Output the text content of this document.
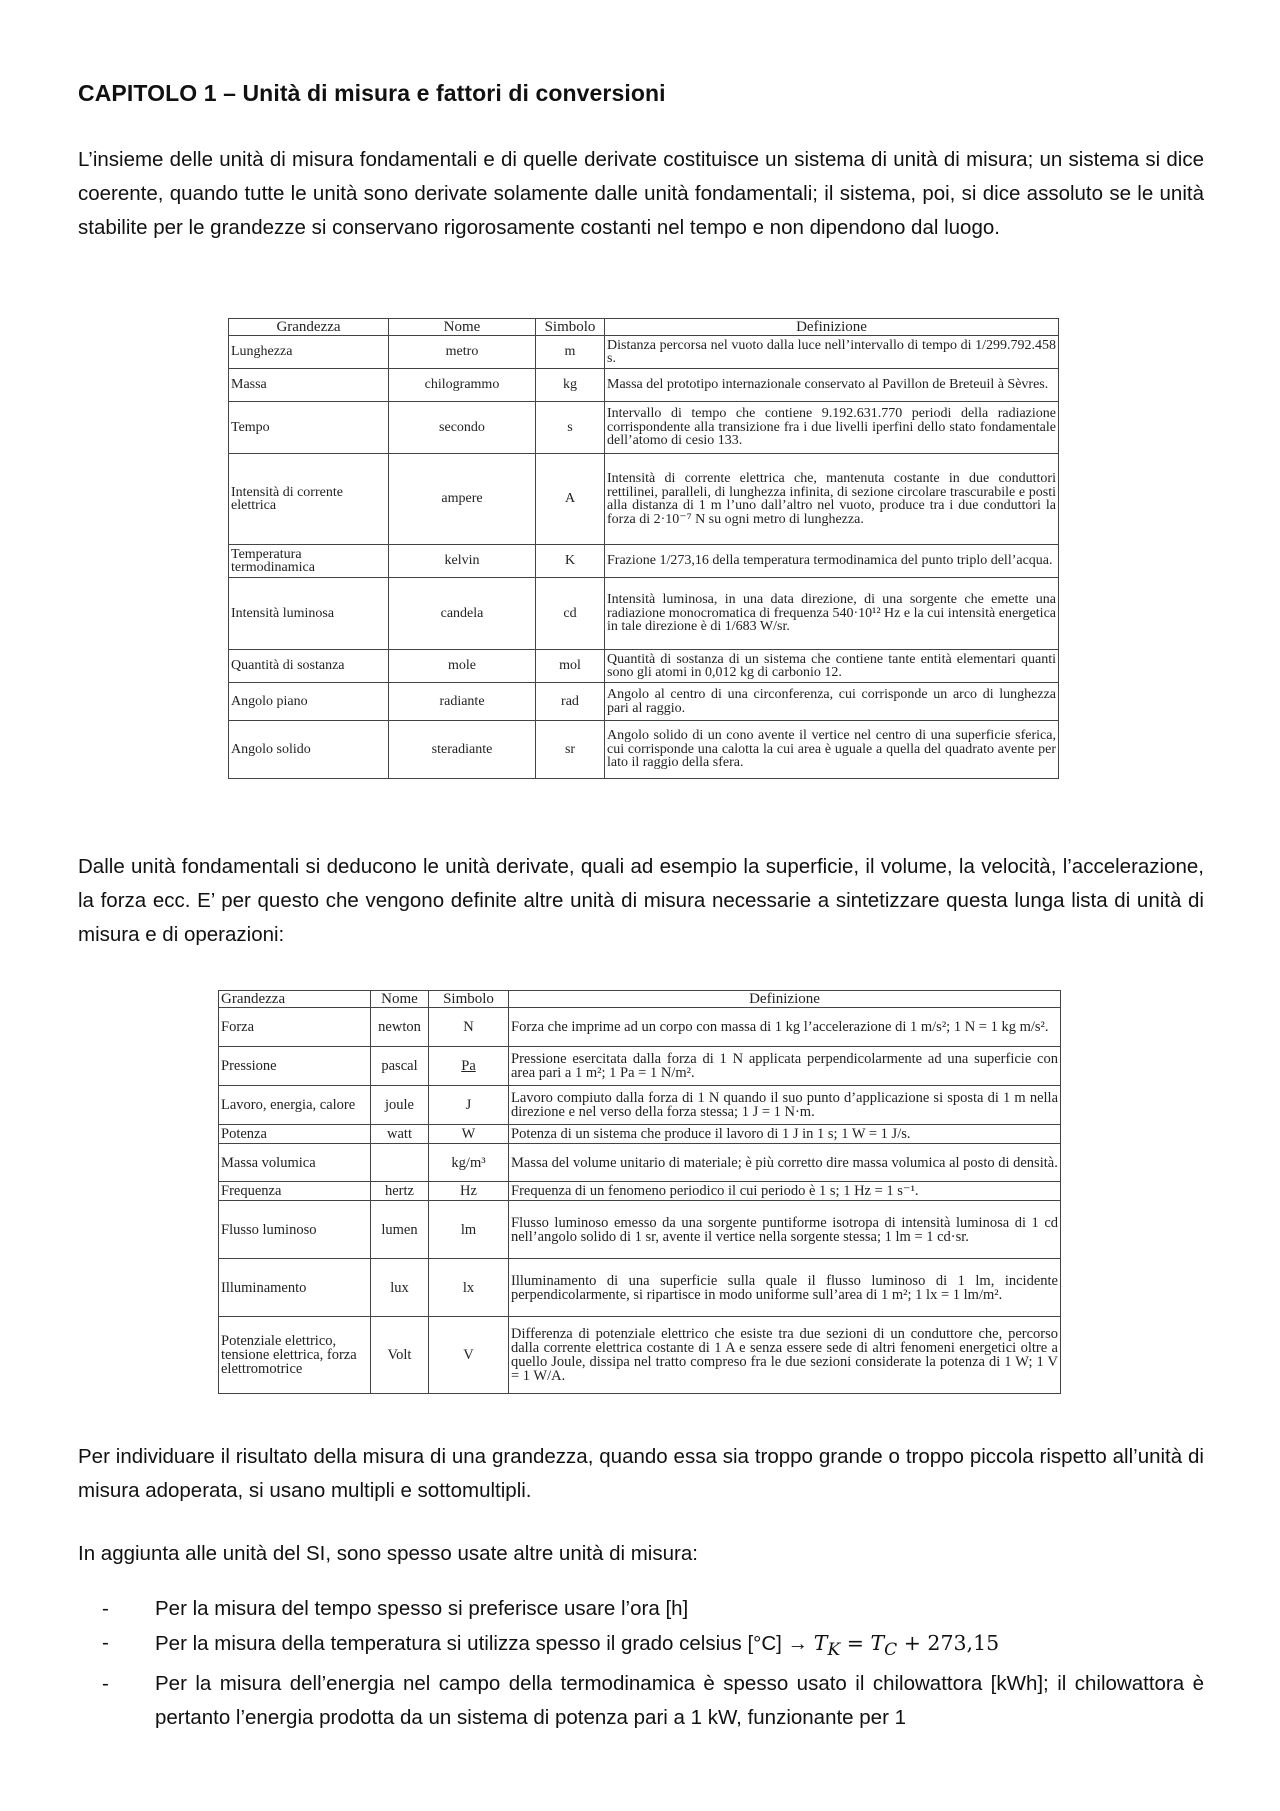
CAPITOLO 1 – Unità di misura e fattori di conversioni

L’insieme delle unità di misura fondamentali e di quelle derivate costituisce un sistema di unità di misura; un sistema si dice coerente, quando tutte le unità sono derivate solamente dalle unità fondamentali; il sistema, poi, si dice assoluto se le unità stabilite per le grandezze si conservano rigorosamente costanti nel tempo e non dipendono dal luogo.

Grandezza	Nome	Simbolo	Definizione
Lunghezza	metro	m	Distanza percorsa nel vuoto dalla luce nell’intervallo di tempo di 1/299.792.458 s.
Massa	chilogrammo	kg	Massa del prototipo internazionale conservato al Pavillon de Breteuil à Sèvres.
Tempo	secondo	s	Intervallo di tempo che contiene 9.192.631.770 periodi della radiazione corrispondente alla transizione fra i due livelli iperfini dello stato fondamentale dell’atomo di cesio 133.
Intensità di corrente elettrica	ampere	A	Intensità di corrente elettrica che, mantenuta costante in due conduttori rettilinei, paralleli, di lunghezza infinita, di sezione circolare trascurabile e posti alla distanza di 1 m l’uno dall’altro nel vuoto, produce tra i due conduttori la forza di 2·10⁻⁷ N su ogni metro di lunghezza.
Temperatura termodinamica	kelvin	K	Frazione 1/273,16 della temperatura termodinamica del punto triplo dell’acqua.
Intensità luminosa	candela	cd	Intensità luminosa, in una data direzione, di una sorgente che emette una radiazione monocromatica di frequenza 540·10¹² Hz e la cui intensità energetica in tale direzione è di 1/683 W/sr.
Quantità di sostanza	mole	mol	Quantità di sostanza di un sistema che contiene tante entità elementari quanti sono gli atomi in 0,012 kg di carbonio 12.
Angolo piano	radiante	rad	Angolo al centro di una circonferenza, cui corrisponde un arco di lunghezza pari al raggio.
Angolo solido	steradiante	sr	Angolo solido di un cono avente il vertice nel centro di una superficie sferica, cui corrisponde una calotta la cui area è uguale a quella del quadrato avente per lato il raggio della sfera.

Dalle unità fondamentali si deducono le unità derivate, quali ad esempio la superficie, il volume, la velocità, l’accelerazione, la forza ecc. E’ per questo che vengono definite altre unità di misura necessarie a sintetizzare questa lunga lista di unità di misura e di operazioni:

Grandezza	Nome	Simbolo	Definizione
Forza	newton	N	Forza che imprime ad un corpo con massa di 1 kg l’accelerazione di 1 m/s²; 1 N = 1 kg m/s².
Pressione	pascal	Pa	Pressione esercitata dalla forza di 1 N applicata perpendicolarmente ad una superficie con area pari a 1 m²; 1 Pa = 1 N/m².
Lavoro, energia, calore	joule	J	Lavoro compiuto dalla forza di 1 N quando il suo punto d’applicazione si sposta di 1 m nella direzione e nel verso della forza stessa; 1 J = 1 N·m.
Potenza	watt	W	Potenza di un sistema che produce il lavoro di 1 J in 1 s; 1 W = 1 J/s.
Massa volumica		kg/m³	Massa del volume unitario di materiale; è più corretto dire massa volumica al posto di densità.
Frequenza	hertz	Hz	Frequenza di un fenomeno periodico il cui periodo è 1 s; 1 Hz = 1 s⁻¹.
Flusso luminoso	lumen	lm	Flusso luminoso emesso da una sorgente puntiforme isotropa di intensità luminosa di 1 cd nell’angolo solido di 1 sr, avente il vertice nella sorgente stessa; 1 lm = 1 cd·sr.
Illuminamento	lux	lx	Illuminamento di una superficie sulla quale il flusso luminoso di 1 lm, incidente perpendicolarmente, si ripartisce in modo uniforme sull’area di 1 m²; 1 lx = 1 lm/m².
Potenziale elettrico, tensione elettrica, forza elettromotrice	Volt	V	Differenza di potenziale elettrico che esiste tra due sezioni di un conduttore che, percorso dalla corrente elettrica costante di 1 A e senza essere sede di altri fenomeni energetici oltre a quello Joule, dissipa nel tratto compreso fra le due sezioni considerate la potenza di 1 W; 1 V = 1 W/A.

Per individuare il risultato della misura di una grandezza, quando essa sia troppo grande o troppo piccola rispetto all’unità di misura adoperata, si usano multipli e sottomultipli.

In aggiunta alle unità del SI, sono spesso usate altre unità di misura:

- Per la misura del tempo spesso si preferisce usare l’ora [h]
- Per la misura della temperatura si utilizza spesso il grado celsius $[^\circ C] \to T_K = T_C + 273,15$
- Per la misura dell’energia nel campo della termodinamica è spesso usato il chilowattora [kWh]; il chilowattora è pertanto l’energia prodotta da un sistema di potenza pari a 1 kW, funzionante per 1
